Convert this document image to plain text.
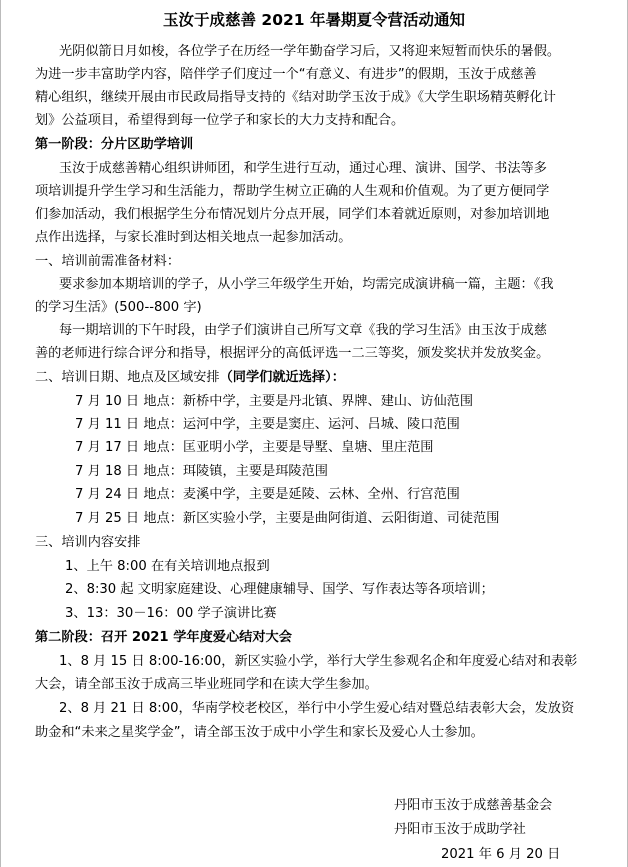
玉汝于成慈善 2021 年暑期夏令营活动通知
光阴似箭日月如梭，各位学子在历经一学年勤奋学习后，又将迎来短暂而快乐的暑假。
为进一步丰富助学内容，陪伴学子们度过一个“有意义、有进步”的假期，玉汝于成慈善
精心组织，继续开展由市民政局指导支持的《结对助学玉汝于成》《大学生职场精英孵化计
划》公益项目，希望得到每一位学子和家长的大力支持和配合。
第一阶段：分片区助学培训
玉汝于成慈善精心组织讲师团，和学生进行互动，通过心理、演讲、国学、书法等多
项培训提升学生学习和生活能力，帮助学生树立正确的人生观和价值观。为了更方便同学
们参加活动，我们根据学生分布情况划片分点开展，同学们本着就近原则，对参加培训地
点作出选择，与家长准时到达相关地点一起参加活动。
一、培训前需准备材料：
要求参加本期培训的学子，从小学三年级学生开始，均需完成演讲稿一篇，主题：《我
的学习生活》(500--800 字)
每一期培训的下午时段，由学子们演讲自己所写文章《我的学习生活》由玉汝于成慈
善的老师进行综合评分和指导，根据评分的高低评选一二三等奖，颁发奖状并发放奖金。
二、培训日期、地点及区域安排（同学们就近选择）：
7 月 10 日 地点：新桥中学，主要是丹北镇、界牌、建山、访仙范围
7 月 11 日 地点：运河中学，主要是窦庄、运河、吕城、陵口范围
7 月 17 日 地点：匡亚明小学，主要是导墅、皇塘、里庄范围
7 月 18 日 地点：珥陵镇，主要是珥陵范围
7 月 24 日 地点：麦溪中学，主要是延陵、云林、全州、行宫范围
7 月 25 日 地点：新区实验小学，主要是曲阿街道、云阳街道、司徒范围
三、培训内容安排
1、上午 8:00 在有关培训地点报到
2、8:30 起 文明家庭建设、心理健康辅导、国学、写作表达等各项培训；
3、13：30－16：00 学子演讲比赛
第二阶段：召开 2021 学年度爱心结对大会
1、8 月 15 日 8:00-16:00，新区实验小学，举行大学生参观名企和年度爱心结对和表彰
大会，请全部玉汝于成高三毕业班同学和在读大学生参加。
2、8 月 21 日 8:00，华南学校老校区，举行中小学生爱心结对暨总结表彰大会，发放资
助金和“未来之星奖学金”，请全部玉汝于成中小学生和家长及爱心人士参加。
丹阳市玉汝于成慈善基金会
丹阳市玉汝于成助学社
2021 年 6 月 20 日
